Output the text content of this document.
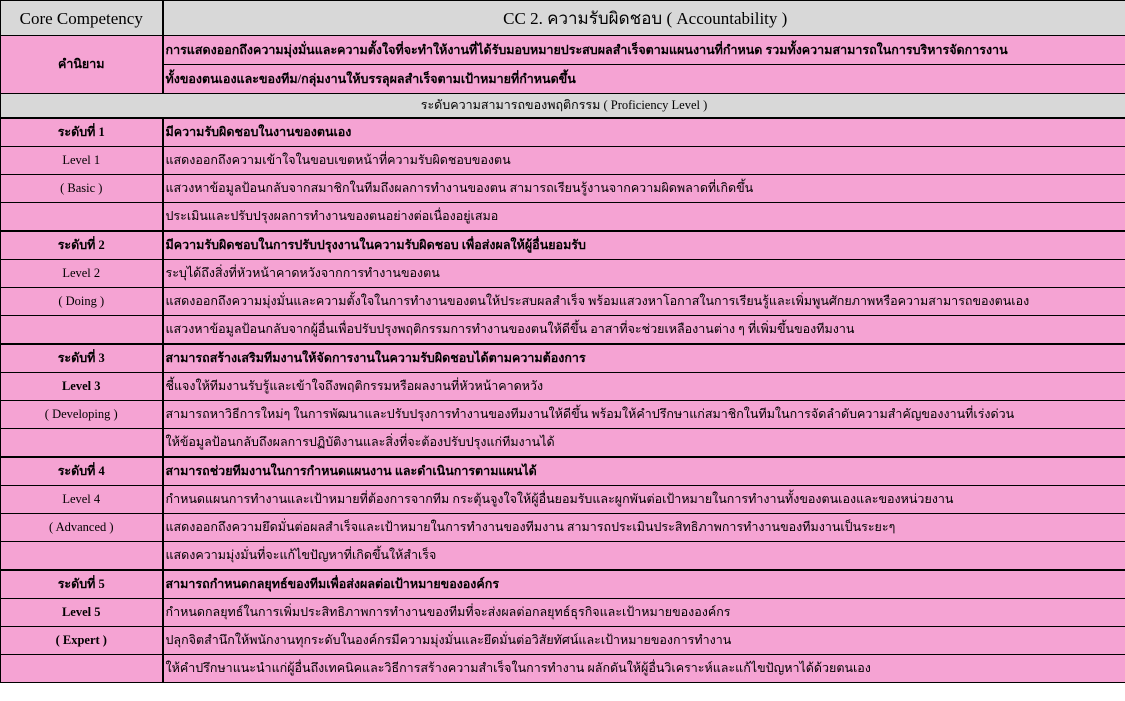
Core Competency	CC 2. ความรับผิดชอบ ( Accountability )
คำนิยาม	การแสดงออกถึงความมุ่งมั่นและความตั้งใจที่จะทำให้งานที่ได้รับมอบหมายประสบผลสำเร็จตามแผนงานที่กำหนด รวมทั้งความสามารถในการบริหารจัดการงาน
	ทั้งของตนเองและของทีม/กลุ่มงานให้บรรลุผลสำเร็จตามเป้าหมายที่กำหนดขึ้น
ระดับความสามารถของพฤติกรรม ( Proficiency Level )	
ระดับที่ 1	มีความรับผิดชอบในงานของตนเอง
Level 1	แสดงออกถึงความเข้าใจในขอบเขตหน้าที่ความรับผิดชอบของตน
( Basic )	แสวงหาข้อมูลป้อนกลับจากสมาชิกในทีมถึงผลการทำงานของตน สามารถเรียนรู้งานจากความผิดพลาดที่เกิดขึ้น
	ประเมินและปรับปรุงผลการทำงานของตนอย่างต่อเนื่องอยู่เสมอ
ระดับที่ 2	มีความรับผิดชอบในการปรับปรุงงานในความรับผิดชอบ เพื่อส่งผลให้ผู้อื่นยอมรับ
Level 2	ระบุได้ถึงสิ่งที่หัวหน้าคาดหวังจากการทำงานของตน
( Doing )	แสดงออกถึงความมุ่งมั่นและความตั้งใจในการทำงานของตนให้ประสบผลสำเร็จ พร้อมแสวงหาโอกาสในการเรียนรู้และเพิ่มพูนศักยภาพหรือความสามารถของตนเอง
	แสวงหาข้อมูลป้อนกลับจากผู้อื่นเพื่อปรับปรุงพฤติกรรมการทำงานของตนให้ดีขึ้น อาสาที่จะช่วยเหลืองานต่าง ๆ ที่เพิ่มขึ้นของทีมงาน
ระดับที่ 3	สามารถสร้างเสริมทีมงานให้จัดการงานในความรับผิดชอบได้ตามความต้องการ
Level 3	ชี้แจงให้ทีมงานรับรู้และเข้าใจถึงพฤติกรรมหรือผลงานที่หัวหน้าคาดหวัง
( Developing )	สามารถหาวิธีการใหม่ๆ ในการพัฒนาและปรับปรุงการทำงานของทีมงานให้ดีขึ้น พร้อมให้คำปรึกษาแก่สมาชิกในทีมในการจัดลำดับความสำคัญของงานที่เร่งด่วน
	ให้ข้อมูลป้อนกลับถึงผลการปฏิบัติงานและสิ่งที่จะต้องปรับปรุงแก่ทีมงานได้
ระดับที่ 4	สามารถช่วยทีมงานในการกำหนดแผนงาน และดำเนินการตามแผนได้
Level 4	กำหนดแผนการทำงานและเป้าหมายที่ต้องการจากทีม กระตุ้นจูงใจให้ผู้อื่นยอมรับและผูกพันต่อเป้าหมายในการทำงานทั้งของตนเองและของหน่วยงาน
( Advanced )	แสดงออกถึงความยึดมั่นต่อผลสำเร็จและเป้าหมายในการทำงานของทีมงาน สามารถประเมินประสิทธิภาพการทำงานของทีมงานเป็นระยะๆ
	แสดงความมุ่งมั่นที่จะแก้ไขปัญหาที่เกิดขึ้นให้สำเร็จ
ระดับที่ 5	สามารถกำหนดกลยุทธ์ของทีมเพื่อส่งผลต่อเป้าหมายขององค์กร
Level 5	กำหนดกลยุทธ์ในการเพิ่มประสิทธิภาพการทำงานของทีมที่จะส่งผลต่อกลยุทธ์ธุรกิจและเป้าหมายขององค์กร
( Expert )	ปลุกจิตสำนึกให้พนักงานทุกระดับในองค์กรมีความมุ่งมั่นและยึดมั่นต่อวิสัยทัศน์และเป้าหมายของการทำงาน
	ให้คำปรึกษาแนะนำแก่ผู้อื่นถึงเทคนิคและวิธีการสร้างความสำเร็จในการทำงาน ผลักดันให้ผู้อื่นวิเคราะห์และแก้ไขปัญหาได้ด้วยตนเอง
